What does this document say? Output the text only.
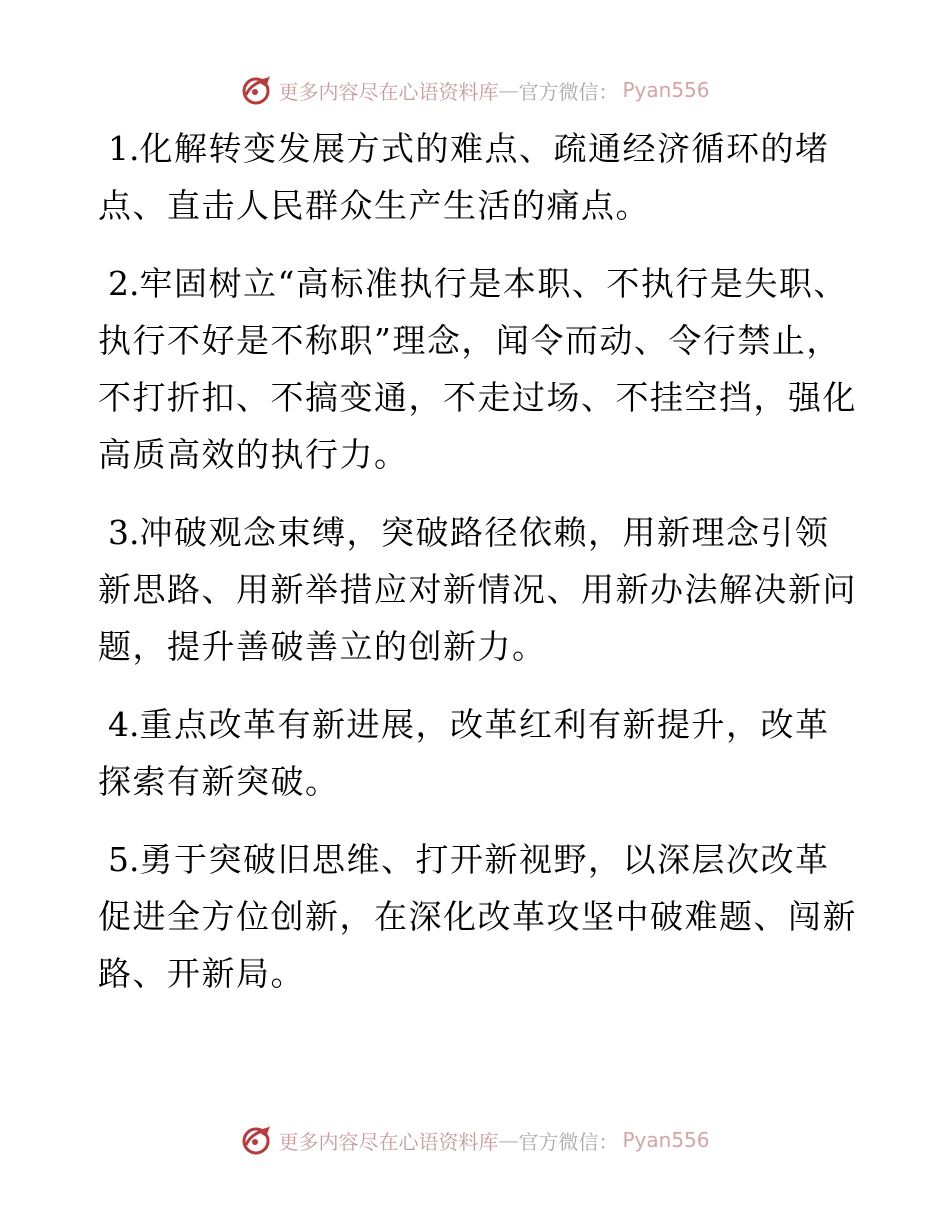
更多内容尽在心语资料库 — 官方微信 ： Pyan556

1.化解转变发展方式的难点、疏通经济循环的堵点、直击人民群众生产生活的痛点。

2.牢固树立“高标准执行是本职、不执行是失职、执行不好是不称职”理念，闻令而动、令行禁止，不打折扣、不搞变通，不走过场、不挂空挡，强化高质高效的执行力。

3.冲破观念束缚，突破路径依赖，用新理念引领新思路、用新举措应对新情况、用新办法解决新问题，提升善破善立的创新力。

4.重点改革有新进展，改革红利有新提升，改革探索有新突破。

5.勇于突破旧思维、打开新视野，以深层次改革促进全方位创新，在深化改革攻坚中破难题、闯新路、开新局。

更多内容尽在心语资料库 — 官方微信 ： Pyan556
